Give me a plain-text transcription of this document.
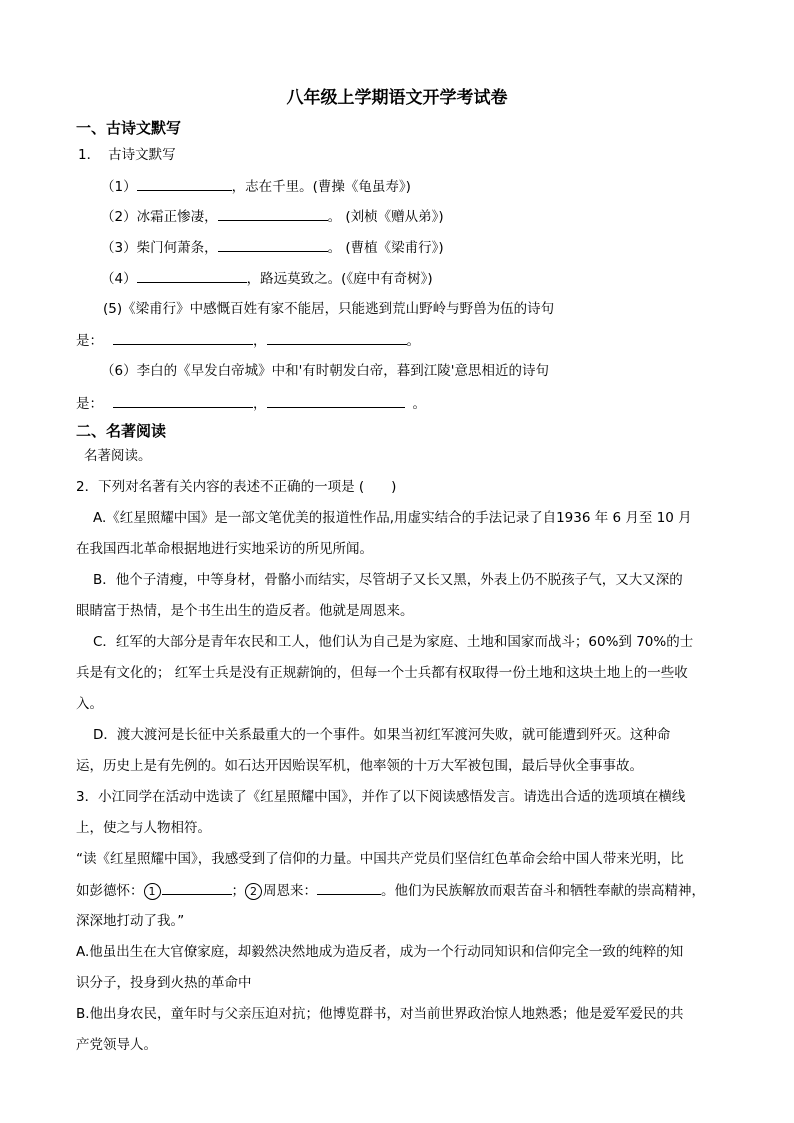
八年级上学期语文开学考试卷
一、古诗文默写
1． 古诗文默写
（1）	，志在千里。(曹操《龟虽寿》)
（2）冰霜正惨凄，	。 (刘桢《赠从弟》)
（3）柴门何萧条，	。 (曹植《梁甫行》)
（4）	，路远莫致之。(《庭中有奇树》)
(5)《梁甫行》中感慨百姓有家不能居，只能逃到荒山野岭与野兽为伍的诗句
是：	，	。
（6）李白的《早发白帝城》中和'有时朝发白帝，暮到江陵'意思相近的诗句
是：	，	。
二、名著阅读
名著阅读。
2．下列对名著有关内容的表述不正确的一项是 (　　)
A.《红星照耀中国》是一部文笔优美的报道性作品,用虚实结合的手法记录了自1936 年 6 月至 10 月
在我国西北革命根据地进行实地采访的所见所闻。
B．他个子清瘦，中等身材，骨骼小而结实，尽管胡子又长又黑，外表上仍不脱孩子气，又大又深的
眼睛富于热情，是个书生出生的造反者。他就是周恩来。
C．红军的大部分是青年农民和工人，他们认为自己是为家庭、土地和国家而战斗；60%到 70%的士
兵是有文化的； 红军士兵是没有正规薪饷的，但每一个士兵都有权取得一份土地和这块土地上的一些收
入。
D．渡大渡河是长征中关系最重大的一个事件。如果当初红军渡河失败，就可能遭到歼灭。这种命
运，历史上是有先例的。如石达开因贻误军机，他率领的十万大军被包围，最后导伙全事事故。
3．小江同学在活动中选读了《红星照耀中国》，并作了以下阅读感悟发言。请选出合适的选项填在横线
上，使之与人物相符。
“读《红星照耀中国》，我感受到了信仰的力量。中国共产党员们坚信红色革命会给中国人带来光明，比
如彭德怀： 1	； 2 周恩来：	。他们为民族解放而艰苦奋斗和牺牲奉献的崇高精神，
深深地打动了我。”
A.他虽出生在大官僚家庭，却毅然决然地成为造反者，成为一个行动同知识和信仰完全一致的纯粹的知
识分子，投身到火热的革命中
B.他出身农民，童年时与父亲压迫对抗；他博览群书，对当前世界政治惊人地熟悉；他是爱军爱民的共
产党领导人。
